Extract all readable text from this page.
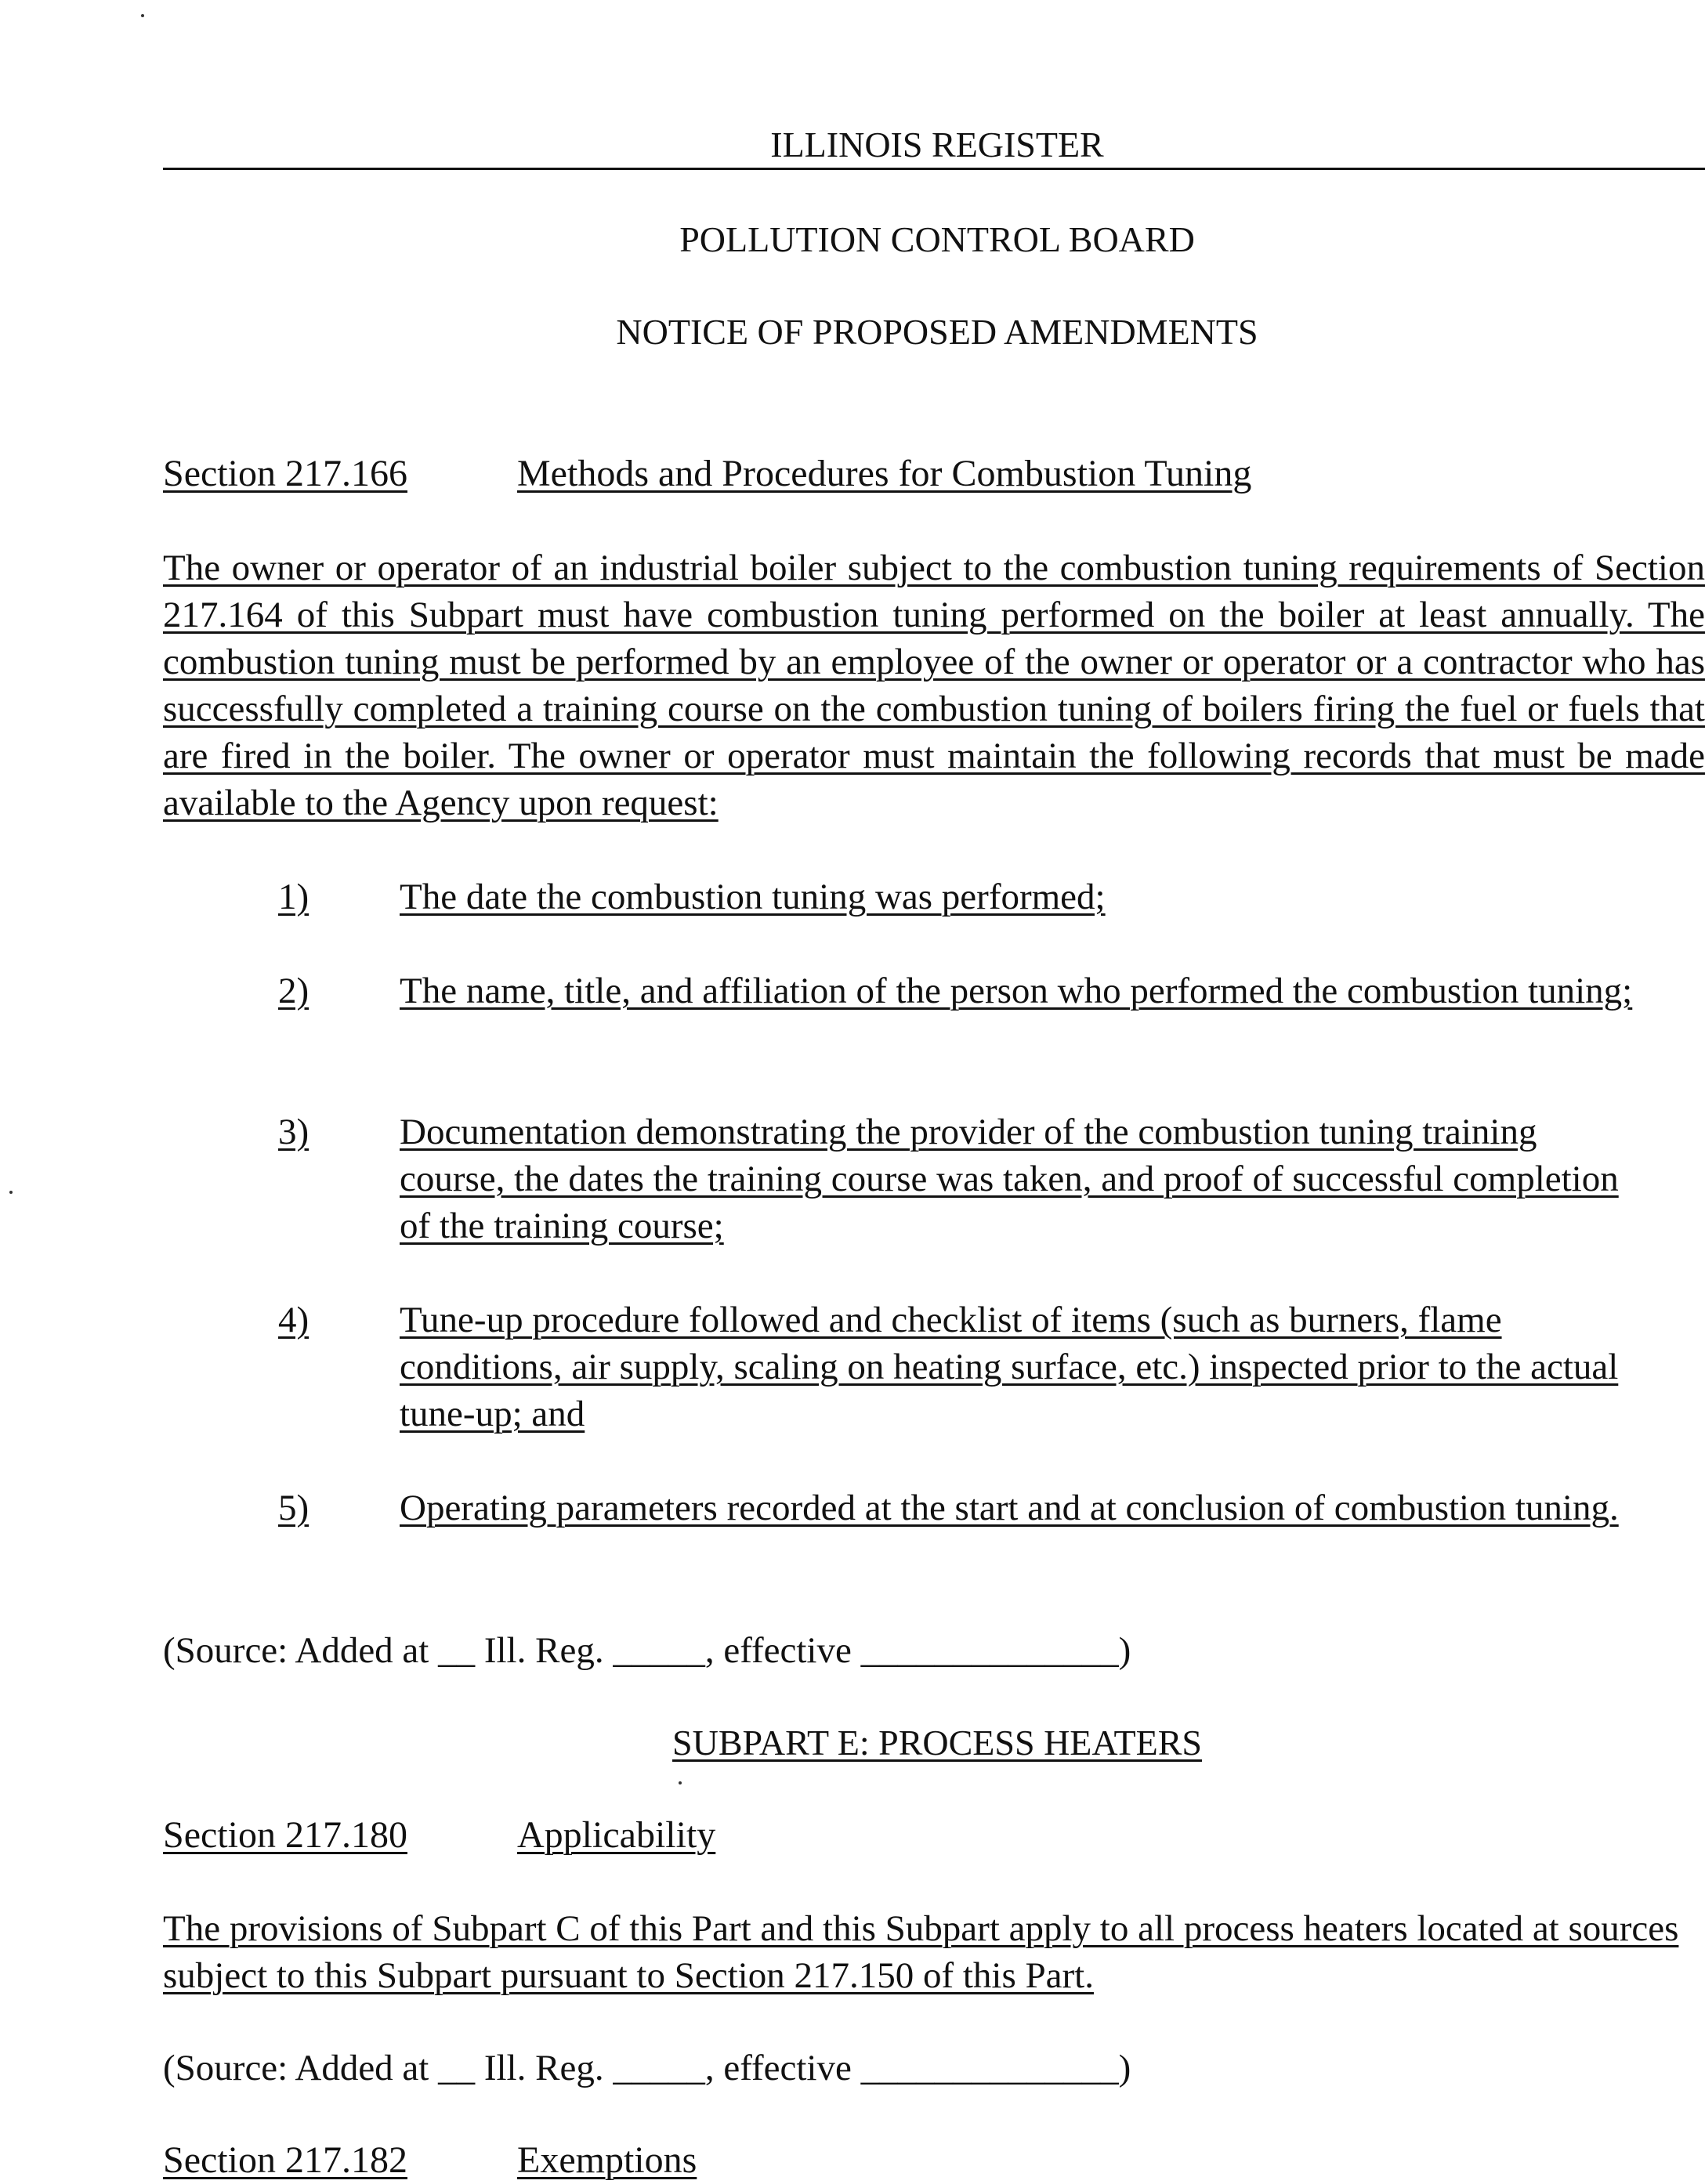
ILLINOIS REGISTER
POLLUTION CONTROL BOARD
NOTICE OF PROPOSED AMENDMENTS
Section 217.166	Methods and Procedures for Combustion Tuning
The owner or operator of an industrial boiler subject to the combustion tuning requirements of Section 217.164 of this Subpart must have combustion tuning performed on the boiler at least annually. The combustion tuning must be performed by an employee of the owner or operator or a contractor who has successfully completed a training course on the combustion tuning of boilers firing the fuel or fuels that are fired in the boiler. The owner or operator must maintain the following records that must be made available to the Agency upon request:
1) The date the combustion tuning was performed;
2) The name, title, and affiliation of the person who performed the combustion tuning;
3) Documentation demonstrating the provider of the combustion tuning training course, the dates the training course was taken, and proof of successful completion of the training course;
4) Tune-up procedure followed and checklist of items (such as burners, flame conditions, air supply, scaling on heating surface, etc.) inspected prior to the actual tune-up; and
5) Operating parameters recorded at the start and at conclusion of combustion tuning.
(Source: Added at __ Ill. Reg. _____, effective ______________)
SUBPART E: PROCESS HEATERS
Section 217.180	Applicability
The provisions of Subpart C of this Part and this Subpart apply to all process heaters located at sources subject to this Subpart pursuant to Section 217.150 of this Part.
(Source: Added at __ Ill. Reg. _____, effective ______________)
Section 217.182	Exemptions
